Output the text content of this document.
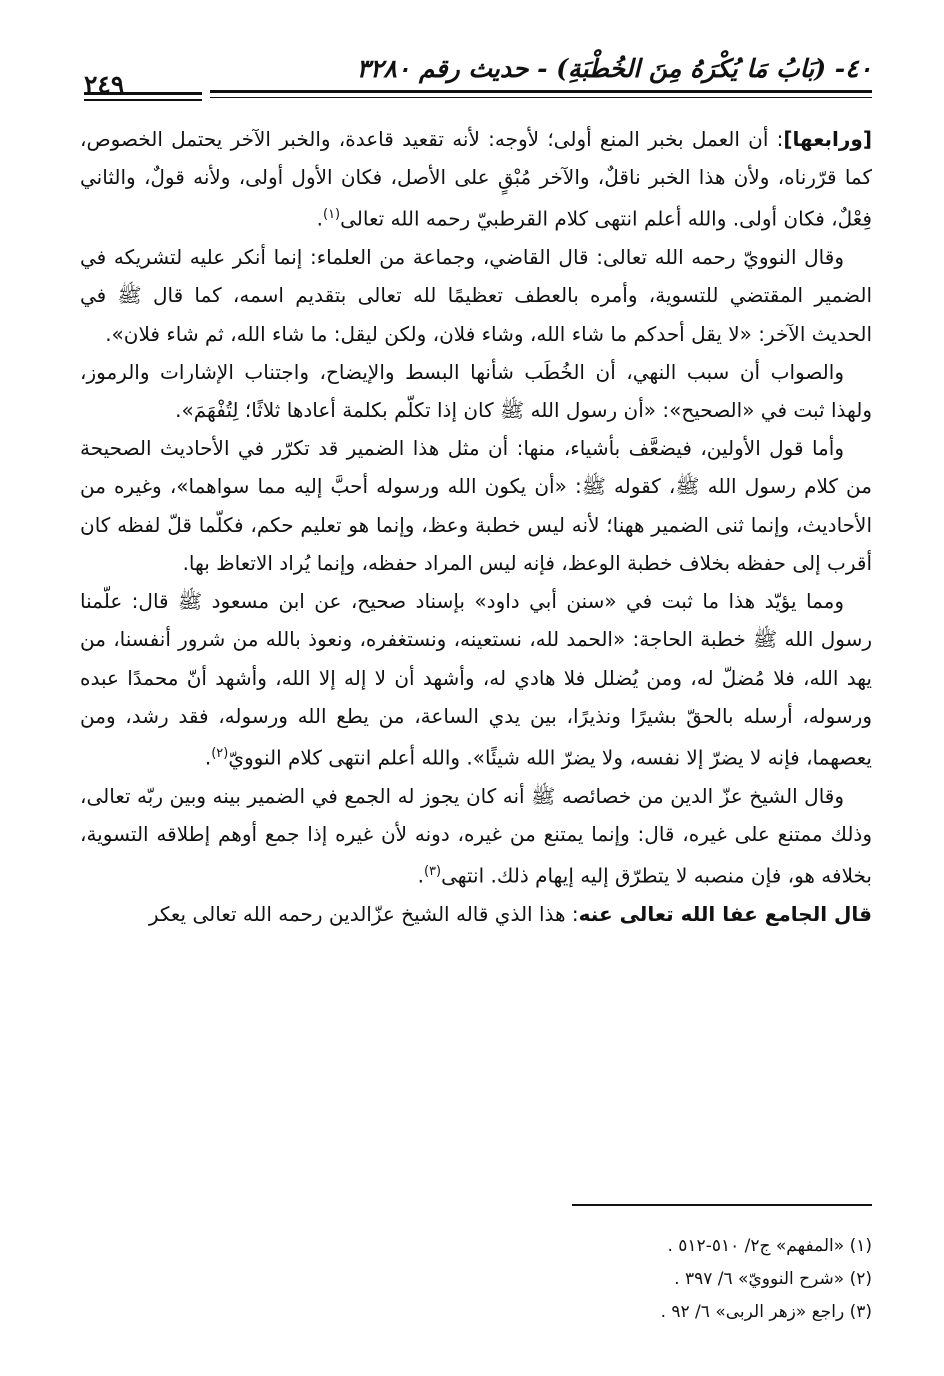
٤٠- (بَابُ مَا يُكْرَهُ مِنَ الخُطْبَةِ) - حديث رقم ٣٢٨٠
٢٤٩

[ورابعها]: أن العمل بخبر المنع أولى؛ لأوجه: لأنه تقعيد قاعدة، والخبر الآخر يحتمل الخصوص، كما قرّرناه، ولأن هذا الخبر ناقلٌ، والآخر مُبْقٍ على الأصل، فكان الأول أولى، ولأنه قولٌ، والثاني فِعْلٌ، فكان أولى. والله أعلم انتهى كلام القرطبيّ رحمه الله تعالى$^{(١)}$.

وقال النوويّ رحمه الله تعالى: قال القاضي، وجماعة من العلماء: إنما أنكر عليه لتشريكه في الضمير المقتضي للتسوية، وأمره بالعطف تعظيمًا لله تعالى بتقديم اسمه، كما قال ﷺ في الحديث الآخر: «لا يقل أحدكم ما شاء الله، وشاء فلان، ولكن ليقل: ما شاء الله، ثم شاء فلان».

والصواب أن سبب النهي، أن الخُطَب شأنها البسط والإيضاح، واجتناب الإشارات والرموز، ولهذا ثبت في «الصحيح»: «أن رسول الله ﷺ كان إذا تكلّم بكلمة أعادها ثلاثًا؛ لِتُفْهَمَ».

وأما قول الأولين، فيضعَّف بأشياء، منها: أن مثل هذا الضمير قد تكرّر في الأحاديث الصحيحة من كلام رسول الله ﷺ، كقوله ﷺ: «أن يكون الله ورسوله أحبَّ إليه مما سواهما»، وغيره من الأحاديث، وإنما ثنى الضمير ههنا؛ لأنه ليس خطبة وعظ، وإنما هو تعليم حكم، فكلّما قلّ لفظه كان أقرب إلى حفظه بخلاف خطبة الوعظ، فإنه ليس المراد حفظه، وإنما يُراد الاتعاظ بها.

ومما يؤيّد هذا ما ثبت في «سنن أبي داود» بإسناد صحيح، عن ابن مسعود ﷺ قال: علّمنا رسول الله ﷺ خطبة الحاجة: «الحمد لله، نستعينه، ونستغفره، ونعوذ بالله من شرور أنفسنا، من يهد الله، فلا مُضلّ له، ومن يُضلل فلا هادي له، وأشهد أن لا إله إلا الله، وأشهد أنّ محمدًا عبده ورسوله، أرسله بالحقّ بشيرًا ونذيرًا، بين يدي الساعة، من يطع الله ورسوله، فقد رشد، ومن يعصهما، فإنه لا يضرّ إلا نفسه، ولا يضرّ الله شيئًا». والله أعلم انتهى كلام النوويّ$^{(٢)}$.

وقال الشيخ عزّ الدين من خصائصه ﷺ أنه كان يجوز له الجمع في الضمير بينه وبين ربّه تعالى، وذلك ممتنع على غيره، قال: وإنما يمتنع من غيره، دونه لأن غيره إذا جمع أوهم إطلاقه التسوية، بخلافه هو، فإن منصبه لا يتطرّق إليه إيهام ذلك. انتهى$^{(٣)}$.

قال الجامع عفا الله تعالى عنه: هذا الذي قاله الشيخ عزّالدين رحمه الله تعالى يعكر

(١) «المفهم» ج٢/ ٥١٠-٥١٢ .
(٢) «شرح النوويّ» ٦/ ٣٩٧ .
(٣) راجع «زهر الربى» ٦/ ٩٢ .
